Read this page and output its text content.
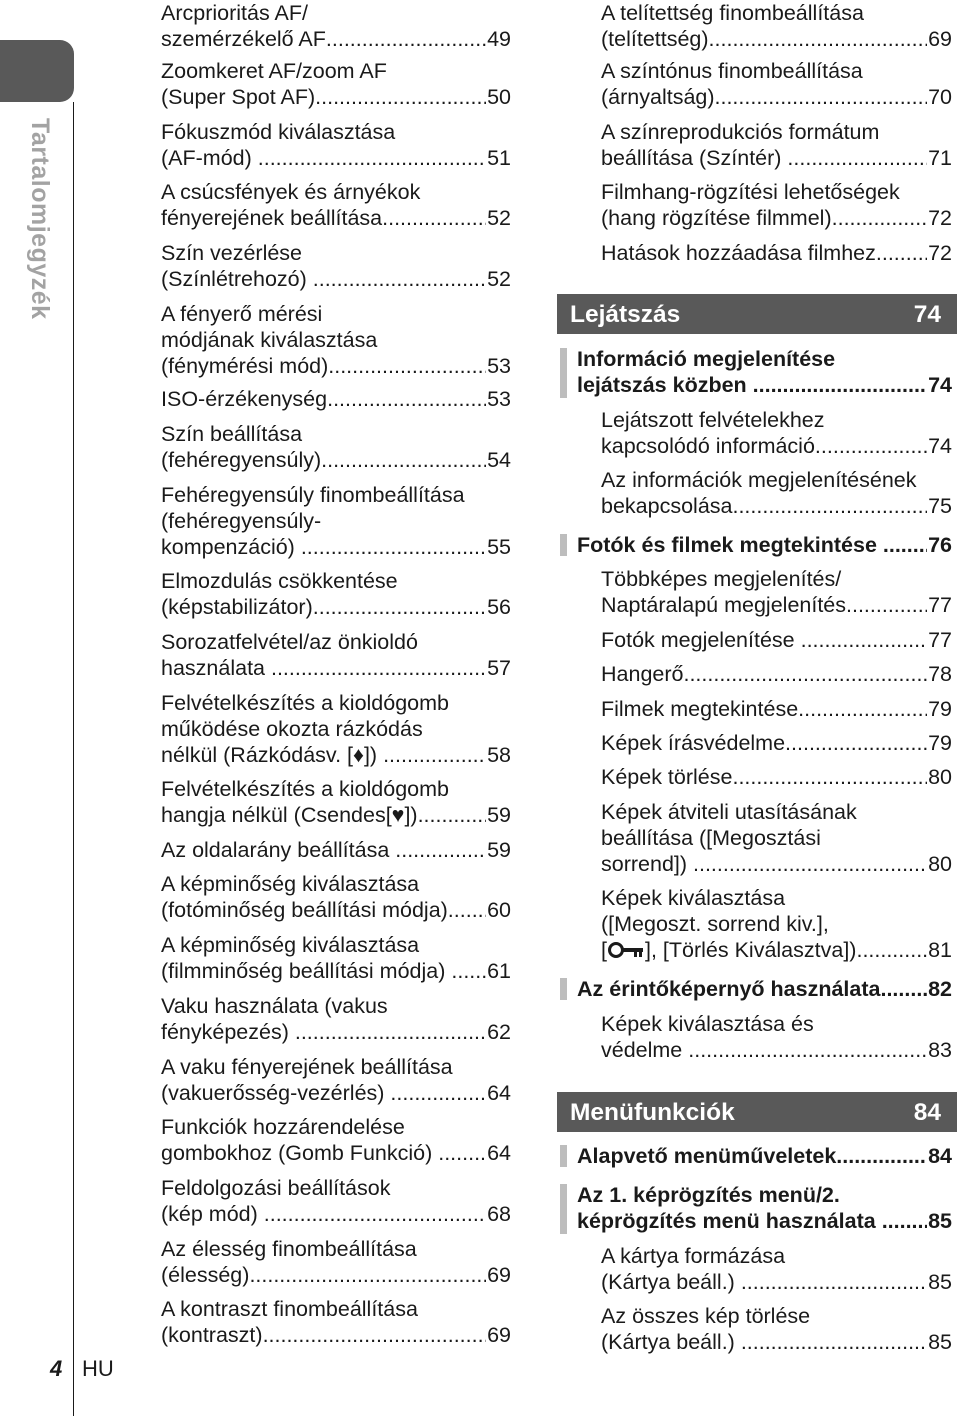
Tartalomjegyzék
4 HU
Arcprioritás AF/
szemérzékelő AF .....	49
Zoomkeret AF/zoom AF
(Super Spot AF) .....	50
Fókuszmód kiválasztása
(AF-mód) .....	51
A csúcsfények és árnyékok
fényerejének beállítása .....	52
Szín vezérlése
(Színlétrehozó) .....	52
A fényerő mérési
módjának kiválasztása
(fénymérési mód) .....	53
ISO-érzékenység .....	53
Szín beállítása
(fehéregyensúly) .....	54
Fehéregyensúly finombeállítása
(fehéregyensúly-
kompenzáció) .....	55
Elmozdulás csökkentése
(képstabilizátor) .....	56
Sorozatfelvétel/az önkioldó
használata .....	57
Felvételkészítés a kioldógomb
működése okozta rázkódás
nélkül (Rázkódásv. [♦]) .....	58
Felvételkészítés a kioldógomb
hangja nélkül (Csendes[♥]) .....	59
Az oldalarány beállítása .....	59
A képminőség kiválasztása
(fotóminőség beállítási módja). ..... 60
A képminőség kiválasztása
(filmminőség beállítási módja) . ..... 61
Vaku használata (vakus
fényképezés) .....	62
A vaku fényerejének beállítása
(vakuerősség-vezérlés) .....	64
Funkciók hozzárendelése
gombokhoz (Gomb Funkció) ..... 64
Feldolgozási beállítások
(kép mód) .....	68
Az élesség finombeállítása
(élesség) .....	69
A kontraszt finombeállítása
(kontraszt) .....	69
A telítettség finombeállítása
(telítettség) .....	69
A színtónus finombeállítása
(árnyaltság) .....	70
A színreprodukciós formátum
beállítása (Színtér) .....	71
Filmhang-rögzítési lehetőségek
(hang rögzítése filmmel) .....	72
Hatások hozzáadása filmhez ..... 72
Lejátszás	74
Információ megjelenítése
lejátszás közben .....	74
Lejátszott felvételekhez
kapcsolódó információ .....	74
Az információk megjelenítésének
bekapcsolása .....	75
Fotók és filmek megtekintése ..... 76
Többképes megjelenítés/
Naptáralapú megjelenítés .....	77
Fotók megjelenítése .....	77
Hangerő .....	78
Filmek megtekintése .....	79
Képek írásvédelme .....	79
Képek törlése .....	80
Képek átviteli utasításának
beállítása ([Megosztási
sorrend]) .....	80
Képek kiválasztása
([Megoszt. sorrend kiv.],
[ ], [Törlés Kiválasztva]) .....	81
Az érintőképernyő használata ..... 82
Képek kiválasztása és
védelme .....	83
Menüfunkciók	84
Alapvető menüműveletek .....	84
Az 1. képrögzítés menü/2.
képrögzítés menü használata ..... 85
A kártya formázása
(Kártya beáll.) .....	85
Az összes kép törlése
(Kártya beáll.) .....	85
